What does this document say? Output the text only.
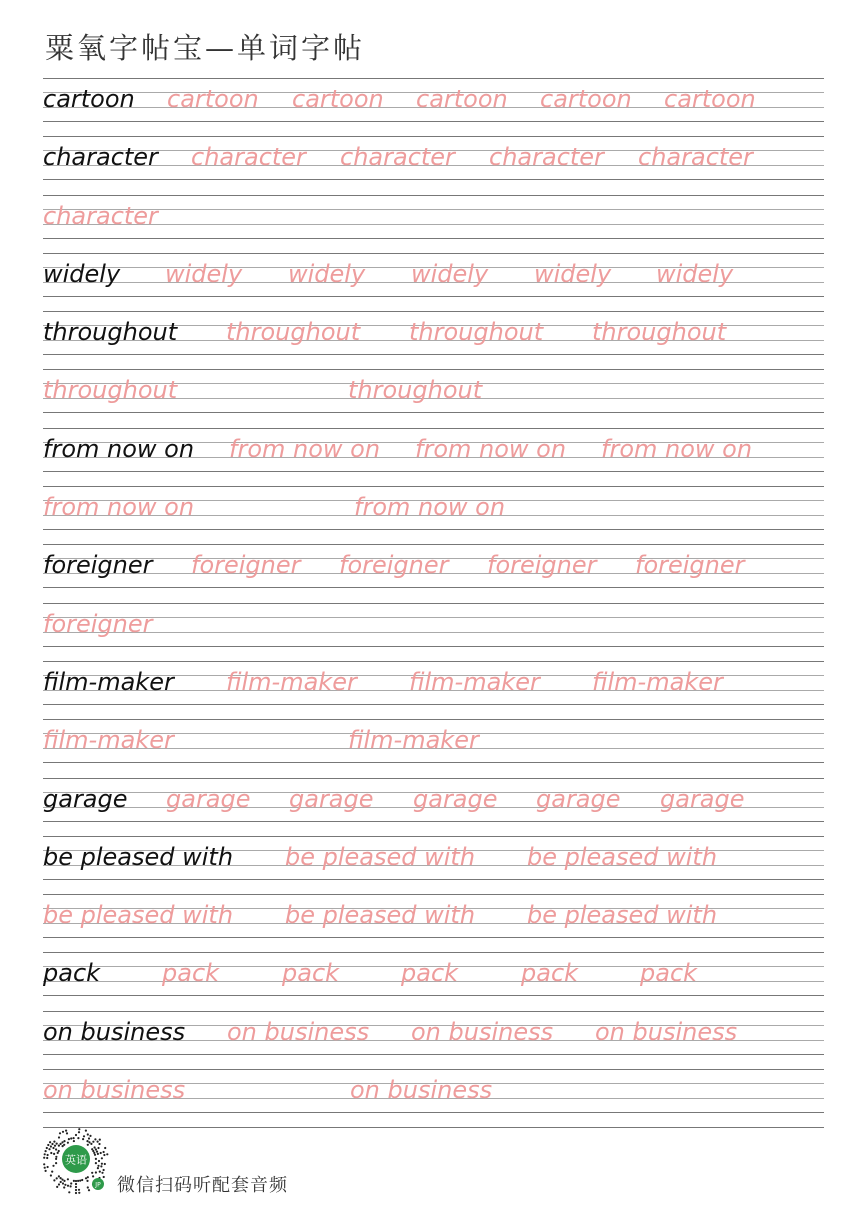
粟氧字帖宝—单词字帖
cartoon cartoon cartoon cartoon cartoon cartoon
character character character character character
character
widely widely widely widely widely widely
throughout throughout throughout throughout
throughout	throughout
from now on from now on from now on from now on
from now on	from now on
foreigner foreigner foreigner foreigner foreigner
foreigner
film-maker film-maker film-maker film-maker
film-maker	film-maker
garage garage garage garage garage garage
be pleased with be pleased with be pleased with
be pleased with be pleased with be pleased with
pack	pack	pack	pack	pack	pack
on business on business on business on business
on business	on business
英语
JP 微信扫码听配套音频
